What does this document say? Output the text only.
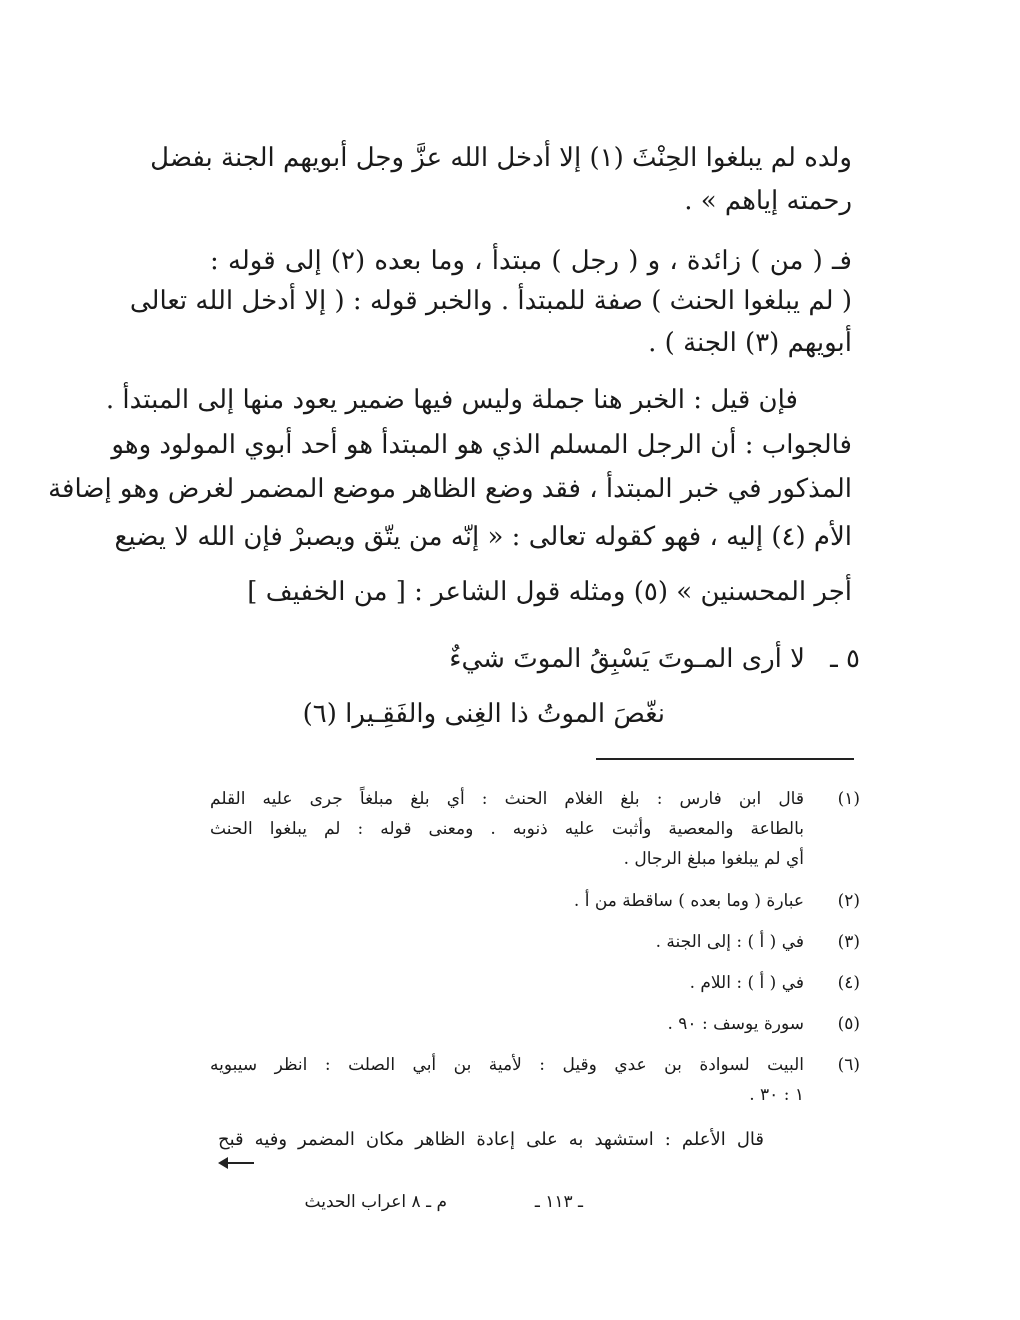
ولده لم يبلغوا الحِنْثَ (١) إلا أدخل الله عزَّ وجل أبويهم الجنة بفضل
رحمته إياهم » .
فـ ( من ) زائدة ، و ( رجل ) مبتدأ ، وما بعده (٢) إلى قوله :
( لم يبلغوا الحنث ) صفة للمبتدأ . والخبر قوله : ( إلا أدخل الله تعالى
أبويهم (٣) الجنة ) .
فإن قيل : الخبر هنا جملة وليس فيها ضمير يعود منها إلى المبتدأ .
فالجواب : أن الرجل المسلم الذي هو المبتدأ هو أحد أبوي المولود وهو
المذكور في خبر المبتدأ ، فقد وضع الظاهر موضع المضمر لغرض وهو إضافة
الأم (٤) إليه ، فهو كقوله تعالى : « إنّه من يتّق ويصبرْ فإن الله لا يضيع
أجر المحسنين » (٥) ومثله قول الشاعر : [ من الخفيف ]
٥ ـ
لا أرى المـوتَ يَسْبِقُ الموتَ شيءٌ
نغّصَ الموتُ ذا الغِنى والفَقِـيرا (٦)
(١)
قال ابن فارس : بلغ الغلام الحنث : أي بلغ مبلغاً جرى عليه القلم
بالطاعة والمعصية وأثبت عليه ذنوبه . ومعنى قوله : لم يبلغوا الحنث
أي لم يبلغوا مبلغ الرجال .
(٢)
عبارة ( وما بعده ) ساقطة من أ .
(٣)
في ( أ ) : إلى الجنة .
(٤)
في ( أ ) : اللام .
(٥)
سورة يوسف : ٩٠ .
(٦)
البيت لسوادة بن عدي وقيل : لأمية بن أبي الصلت : انظر سيبويه
١ : ٣٠ .
قال الأعلم : استشهد به على إعادة الظاهر مكان المضمر وفيه قبح
ـ ١١٣ ـ
م ـ ٨ اعراب الحديث
